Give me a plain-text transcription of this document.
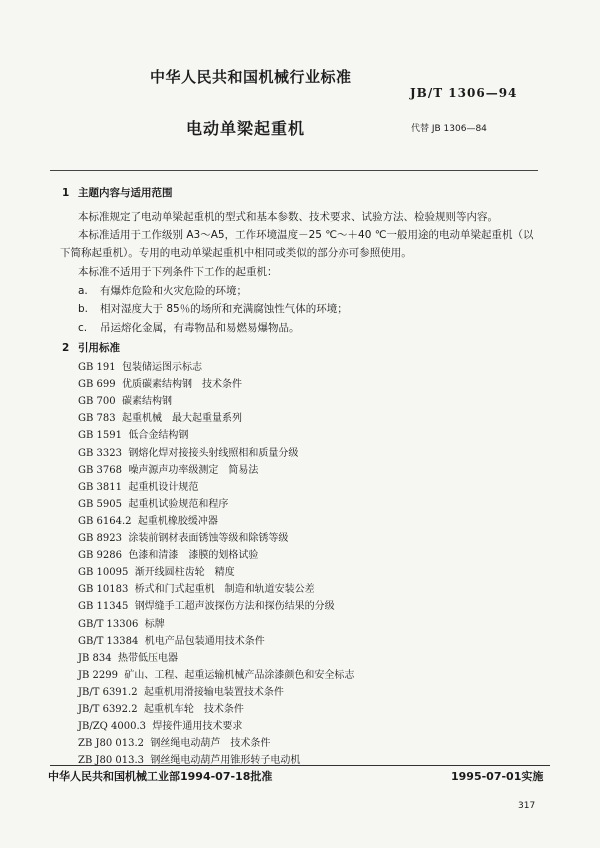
中华人民共和国机械行业标准
JB/T 1306—94
电动单梁起重机	代替 JB 1306—84
1 主题内容与适用范围
本标准规定了电动单梁起重机的型式和基本参数、技术要求、试验方法、检验规则等内容。
本标准适用于工作级别 A3～A5，工作环境温度－25 ℃～＋40 ℃一般用途的电动单梁起重机（以
下简称起重机）。专用的电动单梁起重机中相同或类似的部分亦可参照使用。
本标准不适用于下列条件下工作的起重机：
a. 有爆炸危险和火灾危险的环境；
b. 相对湿度大于 85％的场所和充满腐蚀性气体的环境；
c. 吊运熔化金属，有毒物品和易燃易爆物品。
2 引用标准
GB 191 包装储运图示标志
GB 699 优质碳素结构钢　技术条件
GB 700 碳素结构钢
GB 783 起重机械　最大起重量系列
GB 1591 低合金结构钢
GB 3323 钢熔化焊对接接头射线照相和质量分级
GB 3768 噪声源声功率级测定　简易法
GB 3811 起重机设计规范
GB 5905 起重机试验规范和程序
GB 6164.2 起重机橡胶缓冲器
GB 8923 涂装前钢材表面锈蚀等级和除锈等级
GB 9286 色漆和清漆　漆膜的划格试验
GB 10095 渐开线圆柱齿轮　精度
GB 10183 桥式和门式起重机　制造和轨道安装公差
GB 11345 钢焊缝手工超声波探伤方法和探伤结果的分级
GB/T 13306 标牌
GB/T 13384 机电产品包装通用技术条件
JB 834 热带低压电器
JB 2299 矿山、工程、起重运输机械产品涂漆颜色和安全标志
JB/T 6391.2 起重机用滑接输电装置技术条件
JB/T 6392.2 起重机车轮　技术条件
JB/ZQ 4000.3 焊接件通用技术要求
ZB J80 013.2 钢丝绳电动葫芦　技术条件
中华人民共和国机械工业部1994-07-18批准	1995-07-01实施
317
ZB J80 013.3 钢丝绳电动葫芦用锥形转子电动机
